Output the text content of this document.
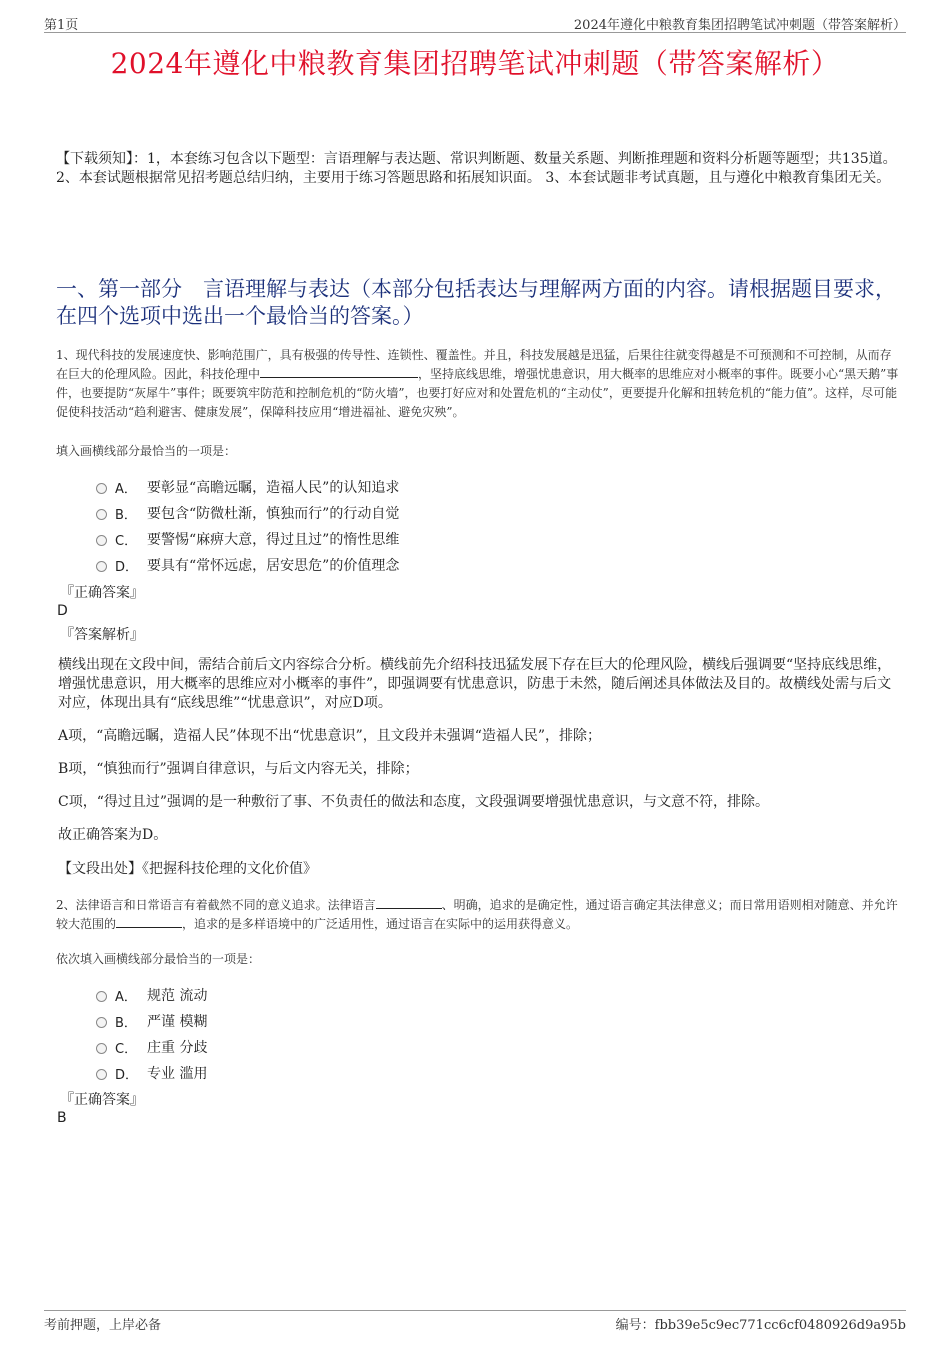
第1页	2024年遵化中粮教育集团招聘笔试冲刺题（带答案解析）
2024年遵化中粮教育集团招聘笔试冲刺题（带答案解析）
【下载须知】：1，本套练习包含以下题型：言语理解与表达题、常识判断题、数量关系题、判断推理题和资料分析题等题型；共135道。 2、本套试题根据常见招考题总结归纳，主要用于练习答题思路和拓展知识面。 3、本套试题非考试真题，且与遵化中粮教育集团无关。
一、第一部分　言语理解与表达（本部分包括表达与理解两方面的内容。请根据题目要求，在四个选项中选出一个最恰当的答案。）
1、现代科技的发展速度快、影响范围广，具有极强的传导性、连锁性、覆盖性。并且，科技发展越是迅猛，后果往往就变得越是不可预测和不可控制，从而存在巨大的伦理风险。因此，科技伦理中	，坚持底线思维，增强忧患意识，用大概率的思维应对小概率的事件。既要小心“黑天鹅”事件，也要提防“灰犀牛”事件；既要筑牢防范和控制危机的“防火墙”，也要打好应对和处置危机的“主动仗”，更要提升化解和扭转危机的“能力值”。这样，尽可能促使科技活动“趋利避害、健康发展”，保障科技应用“增进福祉、避免灾殃”。
填入画横线部分最恰当的一项是：
A． 要彰显“高瞻远瞩，造福人民”的认知追求
B． 要包含“防微杜渐，慎独而行”的行动自觉
C． 要警惕“麻痹大意，得过且过”的惰性思维
D． 要具有“常怀远虑，居安思危”的价值理念
『正确答案』
D
『答案解析』
横线出现在文段中间，需结合前后文内容综合分析。横线前先介绍科技迅猛发展下存在巨大的伦理风险，横线后强调要“坚持底线思维，增强忧患意识，用大概率的思维应对小概率的事件”，即强调要有忧患意识，防患于未然，随后阐述具体做法及目的。故横线处需与后文对应，体现出具有“底线思维”“忧患意识”，对应D项。
A项，“高瞻远瞩，造福人民”体现不出“忧患意识”，且文段并未强调“造福人民”，排除；
B项，“慎独而行”强调自律意识，与后文内容无关，排除；
C项，“得过且过”强调的是一种敷衍了事、不负责任的做法和态度，文段强调要增强忧患意识，与文意不符，排除。
故正确答案为D。
【文段出处】《把握科技伦理的文化价值》
2、法律语言和日常语言有着截然不同的意义追求。法律语言	、明确，追求的是确定性，通过语言确定其法律意义；而日常用语则相对随意、并允许较大范围的	，追求的是多样语境中的广泛适用性，通过语言在实际中的运用获得意义。
依次填入画横线部分最恰当的一项是：
A． 规范 流动
B． 严谨 模糊
C． 庄重 分歧
D． 专业 滥用
『正确答案』
B
考前押题，上岸必备	编号：fbb39e5c9ec771cc6cf0480926d9a95b
